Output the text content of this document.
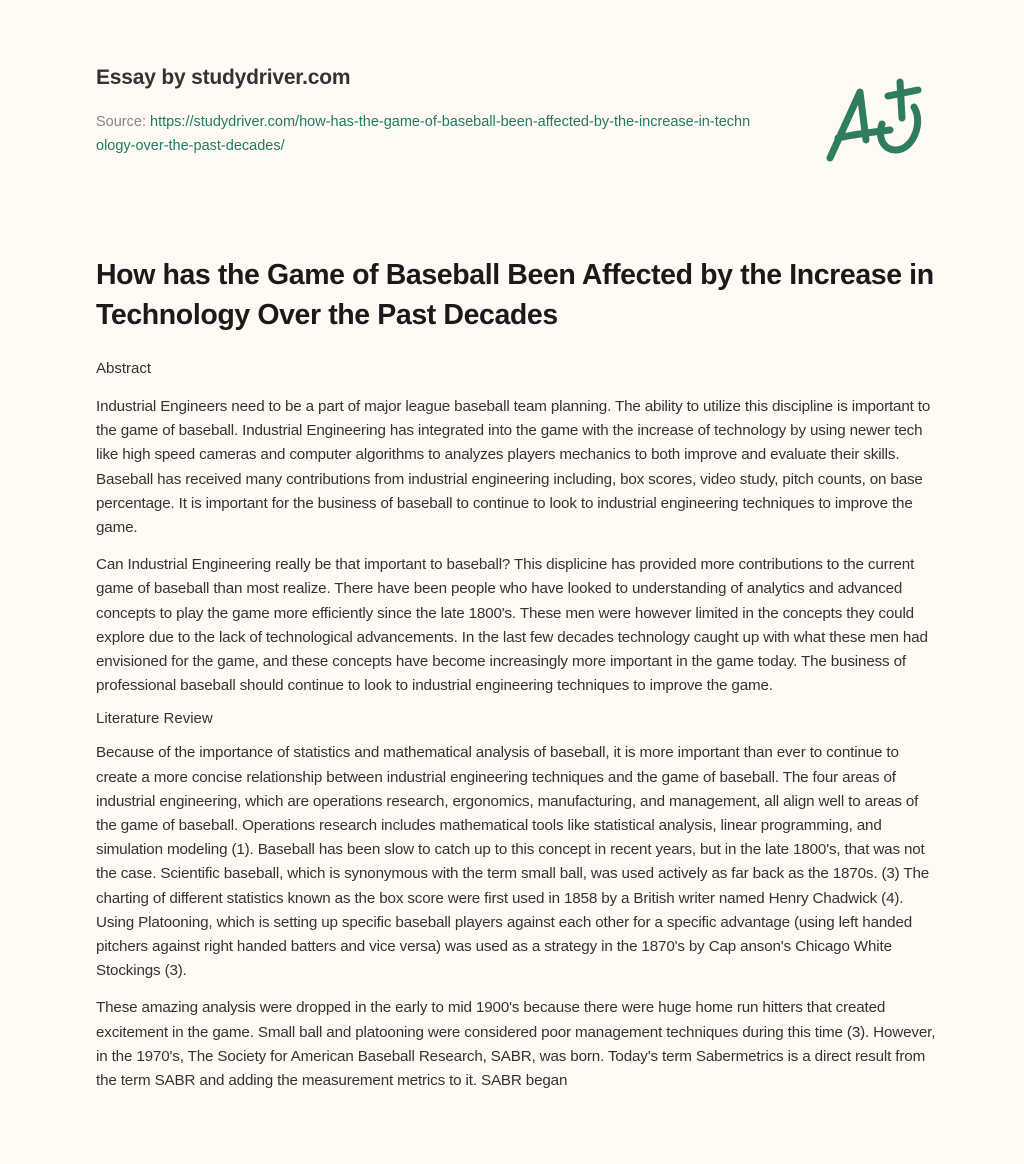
Essay by studydriver.com
Source: https://studydriver.com/how-has-the-game-of-baseball-been-affected-by-the-increase-in-technology-over-the-past-decades/
How has the Game of Baseball Been Affected by the Increase in Technology Over the Past Decades
Abstract

Industrial Engineers need to be a part of major league baseball team planning. The ability to utilize this discipline is important to the game of baseball. Industrial Engineering has integrated into the game with the increase of technology by using newer tech like high speed cameras and computer algorithms to analyzes players mechanics to both improve and evaluate their skills. Baseball has received many contributions from industrial engineering including, box scores, video study, pitch counts, on base percentage. It is important for the business of baseball to continue to look to industrial engineering techniques to improve the game.

Can Industrial Engineering really be that important to baseball? This displicine has provided more contributions to the current game of baseball than most realize. There have been people who have looked to understanding of analytics and advanced concepts to play the game more efficiently since the late 1800's. These men were however limited in the concepts they could explore due to the lack of technological advancements. In the last few decades technology caught up with what these men had envisioned for the game, and these concepts have become increasingly more important in the game today. The business of professional baseball should continue to look to industrial engineering techniques to improve the game.

Literature Review

Because of the importance of statistics and mathematical analysis of baseball, it is more important than ever to continue to create a more concise relationship between industrial engineering techniques and the game of baseball. The four areas of industrial engineering, which are operations research, ergonomics, manufacturing, and management, all align well to areas of the game of baseball. Operations research includes mathematical tools like statistical analysis, linear programming, and simulation modeling (1). Baseball has been slow to catch up to this concept in recent years, but in the late 1800's, that was not the case. Scientific baseball, which is synonymous with the term small ball, was used actively as far back as the 1870s. (3) The charting of different statistics known as the box score were first used in 1858 by a British writer named Henry Chadwick (4). Using Platooning, which is setting up specific baseball players against each other for a specific advantage (using left handed pitchers against right handed batters and vice versa) was used as a strategy in the 1870's by Cap anson's Chicago White Stockings (3).

These amazing analysis were dropped in the early to mid 1900's because there were huge home run hitters that created excitement in the game. Small ball and platooning were considered poor management techniques during this time (3). However, in the 1970's, The Society for American Baseball Research, SABR, was born. Today's term Sabermetrics is a direct result from the term SABR and adding the measurement metrics to it. SABR began
